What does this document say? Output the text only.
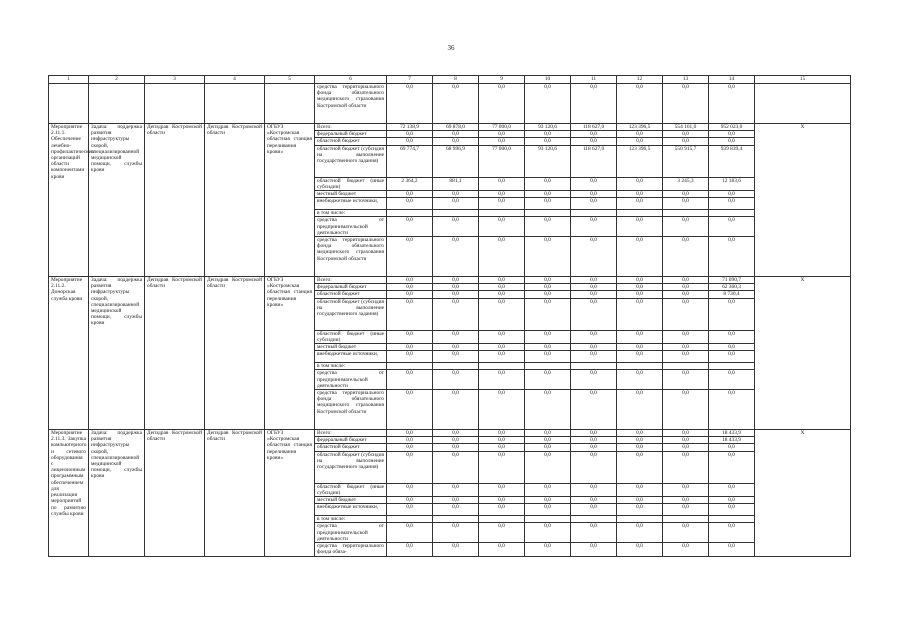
36
1	2	3	4	5	6	7	8	9	10	11	12	13	14	15
					средства территориального фонда обязательного медицинского страхования Костромской области	0,0	0,0	0,0	0,0	0,0	0,0	0,0	0,0	
Мероприятие 2.11.1. Обеспечение лечебно-профилактических организаций области компонентами крови	Задача: поддержка развития инфраструктуры скорой, специализированной медицинской помощи, службы крови	Депздрав Костромской области	Депздрав Костромской области	ОГБУЗ «Костромская областная станция переливания крови»	Всего:	72 138,9	69 878,0	77 000,0	93 120,6	118 627,0	123 396,5	554 161,0	952 023,0	X
					федеральный бюджет	0,0	0,0	0,0	0,0	0,0	0,0	0,0	0,0	
					областной бюджет	0,0	0,0	0,0	0,0	0,0	0,0	0,0	0,0	
					областной бюджет (субсидия на выполнение государственного задания)	69 774,7	68 996,9	77 000,0	93 120,6	118 627,0	123 396,5	550 915,7	939 839,4	
					областной бюджет (иные субсидии)	2 364,2	881,1	0,0	0,0	0,0	0,0	3 245,3	12 183,6	
					местный бюджет	0,0	0,0	0,0	0,0	0,0	0,0	0,0	0,0	
					внебюджетные источники,	0,0	0,0	0,0	0,0	0,0	0,0	0,0	0,0	
					в том числе:									
					средства от предпринимательской деятельности	0,0	0,0	0,0	0,0	0,0	0,0	0,0	0,0	
					средства территориального фонда обязательного медицинского страхования Костромской области	0,0	0,0	0,0	0,0	0,0	0,0	0,0	0,0	
Мероприятие 2.11.2. Донорская служба крови	Задача: поддержка развития инфраструктуры скорой, специализированной медицинской помощи, службы крови	Депздрав Костромской области	Депздрав Костромской области	ОГБУЗ «Костромская областная станция переливания крови»	Всего:	0,0	0,0	0,0	0,0	0,0	0,0	0,0	71 090,7	X
					федеральный бюджет	0,0	0,0	0,0	0,0	0,0	0,0	0,0	62 360,3	
					областной бюджет	0,0	0,0	0,0	0,0	0,0	0,0	0,0	8 730,4	
					областной бюджет (субсидия на выполнение государственного задания)	0,0	0,0	0,0	0,0	0,0	0,0	0,0	0,0	
					областной бюджет (иные субсидии)	0,0	0,0	0,0	0,0	0,0	0,0	0,0	0,0	
					местный бюджет	0,0	0,0	0,0	0,0	0,0	0,0	0,0	0,0	
					внебюджетные источники,	0,0	0,0	0,0	0,0	0,0	0,0	0,0	0,0	
					в том числе:									
					средства от предпринимательской деятельности	0,0	0,0	0,0	0,0	0,0	0,0	0,0	0,0	
					средства территориального фонда обязательного медицинского страхования Костромской области	0,0	0,0	0,0	0,0	0,0	0,0	0,0	0,0	
Мероприятие 2.11.3. Закупка компьютерного и сетевого оборудования с лицензионным программным обеспечением для реализации мероприятий по развитию службы крови	Задача: поддержка развития инфраструктуры скорой, специализированной медицинской помощи, службы крови	Депздрав Костромской области	Депздрав Костромской области	ОГБУЗ «Костромская областная станция переливания крови»	Всего:	0,0	0,0	0,0	0,0	0,0	0,0	0,0	18 433,9	X
					федеральный бюджет	0,0	0,0	0,0	0,0	0,0	0,0	0,0	18 433,9	
					областной бюджет	0,0	0,0	0,0	0,0	0,0	0,0	0,0	0,0	
					областной бюджет (субсидия на выполнение государственного задания)	0,0	0,0	0,0	0,0	0,0	0,0	0,0	0,0	
					областной бюджет (иные субсидии)	0,0	0,0	0,0	0,0	0,0	0,0	0,0	0,0	
					местный бюджет	0,0	0,0	0,0	0,0	0,0	0,0	0,0	0,0	
					внебюджетные источники,	0,0	0,0	0,0	0,0	0,0	0,0	0,0	0,0	
					в том числе:									
					средства от предпринимательской деятельности	0,0	0,0	0,0	0,0	0,0	0,0	0,0	0,0	
					средства территориального фонда обяза-	0,0	0,0	0,0	0,0	0,0	0,0	0,0	0,0	
